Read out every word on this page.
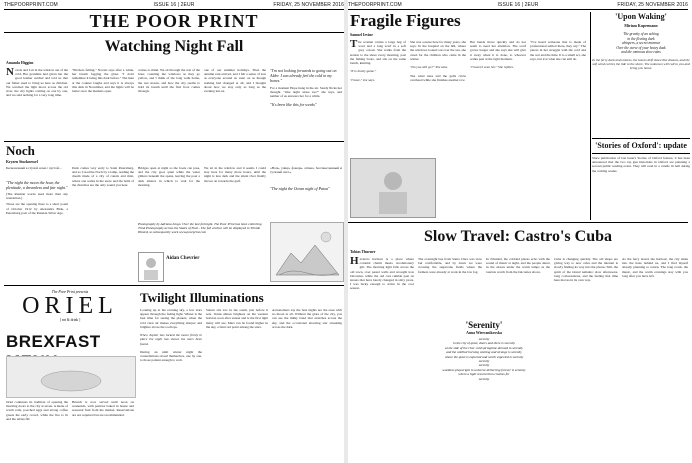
THEPOORPRINT.COM	ISSUE 16 | 2EUR	FRIDAY, 25 NOVEMBER 2016
THE POOR PRINT
Watching Night Fall
Amanda Higgins
Novels and I sit in the window out of the cold. Her grandma had given her the good leather satchel and told us that our father used to bring us here as children. We watched the light move across the old river, the city lights coming on one by one, and we said nothing for a very long time.
"Pitchers falling," Novels says after a while, her breath fogging the glass. "I don't remember it being this dark before." The man at the counter laughs and says it is always this dark in November, and the lights will be better once the markets open.
comes to mind. We sit through the rest of the hour, counting the windows as they go yellow, and I think of the long walk home, the wet streets, and how the city seems to hold its breath until the first frost comes through.
one of our summer holidays. Then the autumn rain arrived, and I felt a sense of loss as everyone around us went on as though nothing had changed at all, and I thought about how we stay only as long as the evening lets us.
"I'm not looking forwards to going out on Alder. I can already feel the cold in my bones."
For a moment Hope hung in the air. Sandy flicks her thought. "One night alone too?" she says, and neither of us answers her for a while.
"It's been like this for weeks"
Noch
Kryzen Stucknessel
Бесконечный в глухой ночи с пустой…
"The night the moon the hour, the plenitude, a dreamless and fair night."
(The Russian words used more than any translation.)
Those are the opening lines to a short poem of October 1912 by Alexandra Blok, a Petersburg poet of the Russian Silver Age.
Dark comes very early to Saint Petersburg, and so I read the Noch by a lamp, reading the dream made of a city of canals and mist, where one walks in the snow and the bells of the churches are the only sound you hear.
Bridges open at night so the boats can pass, and the city goes quiet while the water glitters beneath the spans, leaving the poet a dark silence in which to wait for the morning.
We sit in the window and it seems I could stay here for many more hours, until the night is less dark and the silent river finally moves on towards the gulf.
«Ночь, улица, фонарь, аптека, бессмысленный и тусклый свет.»
"The night the Ocean night of Patoa"
Photography by Adriana Lingo. Over the last fortnight. The Poor Print has been collecting Trink Photography across the States of Dust - The full archive will be displayed in Trinide Hosted, so subsequently work www.poorprint.com
Aidan Chevrier
The Poor Print presents
ORIEL
[ eat & drink ]
BREXFAST
Oriel continues its tradition of opening the morning doors to the city at seven. A menu of warm rolls, poached eggs and strong coffee greets the early crowd, while the fire is lit and the tables fill.
Brunch is now served until noon on weekends, with pastries baked in house and seasonal fruit from the market. Reservations are not required but are recommended.
Twilight Illuminations
Looking up at the evening sky, a few stars appear through the fading light. Winter is the best time for seeing the planets, when the cold clear air makes everything sharper and brighter above the rooftops.

When Jupiter has locked the moon firmly in place the night has shown the stars been found.

During an unlit winter night the constellations reveal themselves, one by one, to those patient enough to wait.
Saturn sits low in the south, just before it sets. Venus shines brightest on the western horizon soon after sunset and is the first light many will see. Mars can be found higher in the sky, a faint red point among the stars.
Astronomers say the best nights are the ones with no moon at all. Without the glare of the city, you can see the milky band that stretches across the sky, and the occasional shooting star streaking across the dark.
THEPOORPRINT.COM	ISSUE 16 | 2EUR	FRIDAY, 25 NOVEMBER 2016
Fragile Figures
Samuel Irvine
The woman carries a large bag of wool and a long scarf in a soft grey colour. She walks from the station to the shore every morning, past the fishing boats, and sits on the same bench, knitting.

"It is lonely game."

"I have," she says.
She was a nurse here for many years, she says. In the hospital on the hill, where the windows looked out over the sea, she cared for the children who came in the winter.

"Do you still go?" She asks.

The wind rises and the gulls circle overhead while she finishes another row.
Her hands move quickly and do not seem to need her attention. The scarf grows longer and she says she will give it away when it is done, to whoever walks past at the right moment.

"I haven't seen her." She replies.
"I've heard someone that is made of professional settled there, they say." The pieces in her struggle with the cold and the wet and the time. It is a small act, she says, but it is what she can still do.
'Upon Waking'
Miriam Kupermann
The gravity of an aching
in the fleeting dark
whispers, a secret murmur
Over the curve of your heavy dusk
and the ominous slow rains
In the ferry dark and restless, the leaves drift down like dreams, and the soft wind carries the tide to the shore. The unknown will call to you and bring you home.
'Stories of Oxford': update
Since publication of last issue's Stories of Oxford feature, it has been announced that the two top gun historians in Oxford are planning a second public reading event. They will read in a candle lit hall during the coming weeks.
Slow Travel: Castro's Cuba
Tobias Thurner
Havana's harbour is a place where colonial charm meets revolutionary grit. The morning light falls across the old town, over pastel walls and wrought iron balconies, while the old cars rumble past on streets that have barely changed in sixty years. I was lucky enough to arrive in the cool season.
The overnight bus from Santa Clara was slow but comfortable, and by dawn we were crossing the sugarcane fields where the farmers were already at work in the low fog.
'Serenity'
Anna Wiercznikovska
serenity
in the city of quiet, doors and there is serenity
at the side of the river cold springtime dressed in serenity
and the untilled burning wishing and strange is serenity
where the quiet is expected and worth expected is serenity
serenity
serenity
wordless playwright in universe delivering forever is serenity
where a light resurrection crashes for
serenity
In Trinidad, the cobbled plazas echo with the sound of music at night, and the people dance in the streets under the warm lamps as the tourists watch from the balconies above.
Cuba is changing quickly. The old shops are giving way to new cafes and the internet is slowly finding its way into the plazas. Still, the spirit of the island remains: slow afternoons, long conversations, and the feeling that time here moves in its own way.
As the ferry leaves the harbour, the city sinks into the haze behind us, and I find myself already planning to return. The long roads, the music, and the warm evenings stay with you long after you have left.
